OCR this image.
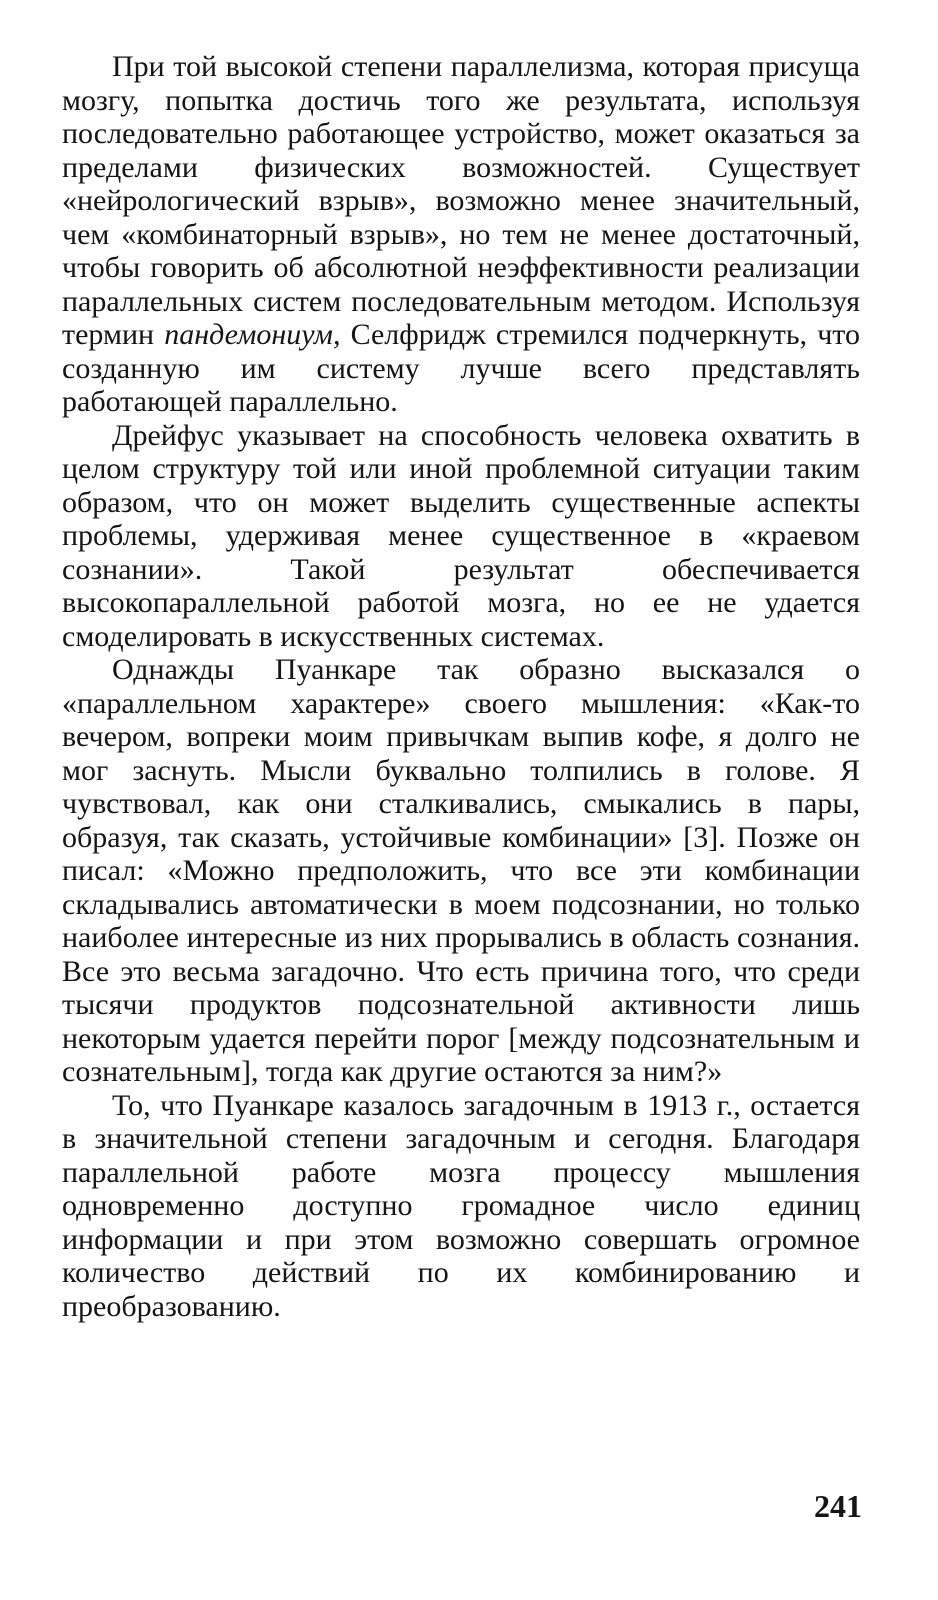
При той высокой степени параллелизма, которая присуща мозгу, попытка достичь того же результата, используя последовательно работающее устройство, может оказаться за пределами физических возможностей. Существует «нейрологический взрыв», возможно менее значительный, чем «комбинаторный взрыв», но тем не менее достаточный, чтобы говорить об абсолютной неэффективности реализации параллельных систем последовательным методом. Используя термин пандемониум, Селфридж стремился подчеркнуть, что созданную им систему лучше всего представлять работающей параллельно.

Дрейфус указывает на способность человека охватить в целом структуру той или иной проблемной ситуации таким образом, что он может выделить существенные аспекты проблемы, удерживая менее существенное в «краевом сознании». Такой результат обеспечивается высокопараллельной работой мозга, но ее не удается смоделировать в искусственных системах.

Однажды Пуанкаре так образно высказался о «параллельном характере» своего мышления: «Как-то вечером, вопреки моим привычкам выпив кофе, я долго не мог заснуть. Мысли буквально толпились в голове. Я чувствовал, как они сталкивались, смыкались в пары, образуя, так сказать, устойчивые комбинации» [3]. Позже он писал: «Можно предположить, что все эти комбинации складывались автоматически в моем подсознании, но только наиболее интересные из них прорывались в область сознания. Все это весьма загадочно. Что есть причина того, что среди тысячи продуктов подсознательной активности лишь некоторым удается перейти порог [между подсознательным и сознательным], тогда как другие остаются за ним?»

То, что Пуанкаре казалось загадочным в 1913 г., остается в значительной степени загадочным и сегодня. Благодаря параллельной работе мозга процессу мышления одновременно доступно громадное число единиц информации и при этом возможно совершать огромное количество действий по их комбинированию и преобразованию.

241
